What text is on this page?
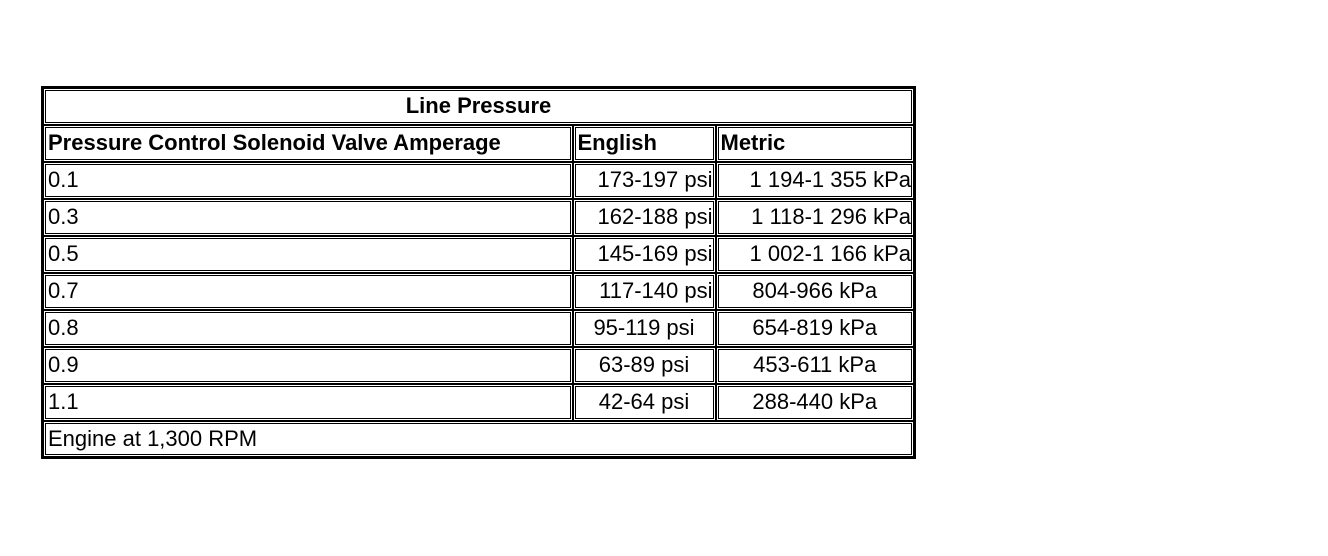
Line Pressure		
Pressure Control Solenoid Valve Amperage	English	Metric
0.1	173-197 psi	1 194-1 355 kPa
0.3	162-188 psi	1 118-1 296 kPa
0.5	145-169 psi	1 002-1 166 kPa
0.7	117-140 psi	804-966 kPa
0.8	95-119 psi	654-819 kPa
0.9	63-89 psi	453-611 kPa
1.1	42-64 psi	288-440 kPa
Engine at 1,300 RPM		
